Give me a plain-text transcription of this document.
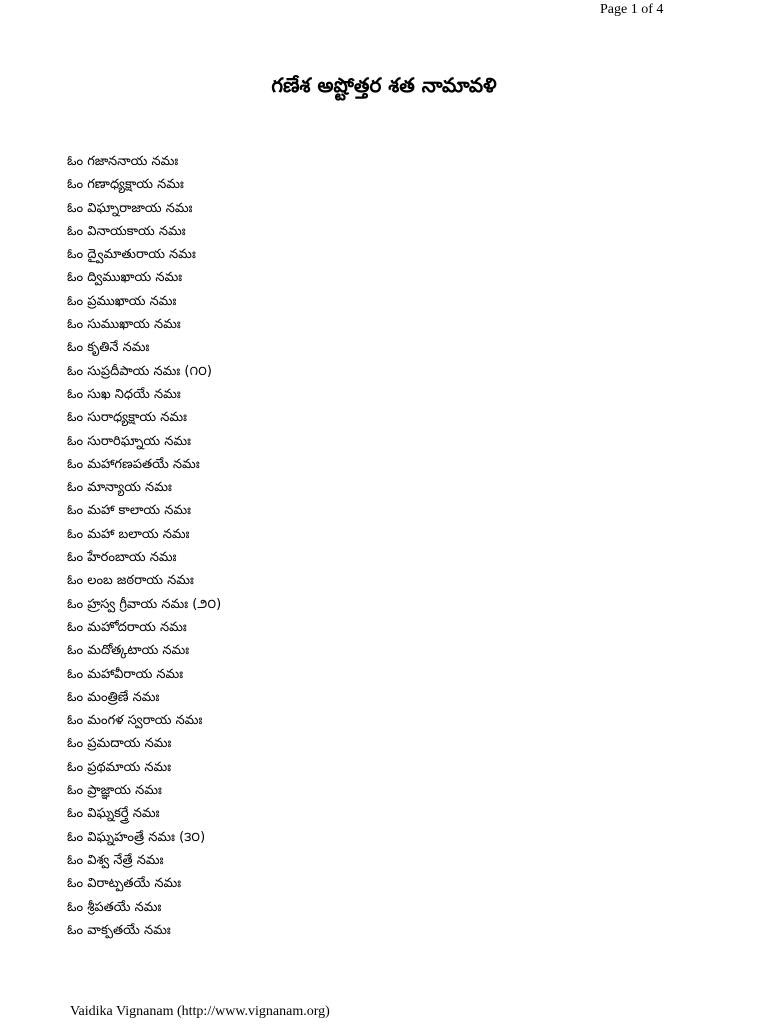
Page 1 of 4
గణేశ అష్టోత్తర శత నామావళి
ఓం గజాననాయ నమః
ఓం గణాధ్యక్షాయ నమః
ఓం విఘ్నారాజాయ నమః
ఓం వినాయకాయ నమః
ఓం ద్వైమాతురాయ నమః
ఓం ద్విముఖాయ నమః
ఓం ప్రముఖాయ నమః
ఓం సుముఖాయ నమః
ఓం కృతినే నమః
ఓం సుప్రదీపాయ నమః (౧౦)
ఓం సుఖ నిధయే నమః
ఓం సురాధ్యక్షాయ నమః
ఓం సురారిఘ్నాయ నమః
ఓం మహాగణపతయే నమః
ఓం మాన్యాయ నమః
ఓం మహా కాలాయ నమః
ఓం మహా బలాయ నమః
ఓం హేరంబాయ నమః
ఓం లంబ జఠరాయ నమః
ఓం హ్రస్వ గ్రీవాయ నమః (౨౦)
ఓం మహోదరాయ నమః
ఓం మదోత్కటాయ నమః
ఓం మహావీరాయ నమః
ఓం మంత్రిణే నమః
ఓం మంగళ స్వరాయ నమః
ఓం ప్రమదాయ నమః
ఓం ప్రథమాయ నమః
ఓం ప్రాజ్ఞాయ నమః
ఓం విఘ్నకర్త్రే నమః
ఓం విఘ్నహంత్రే నమః (౩౦)
ఓం విశ్వ నేత్రే నమః
ఓం విరాట్పతయే నమః
ఓం శ్రీపతయే నమః
ఓం వాక్పతయే నమః
Vaidika Vignanam (http://www.vignanam.org)
